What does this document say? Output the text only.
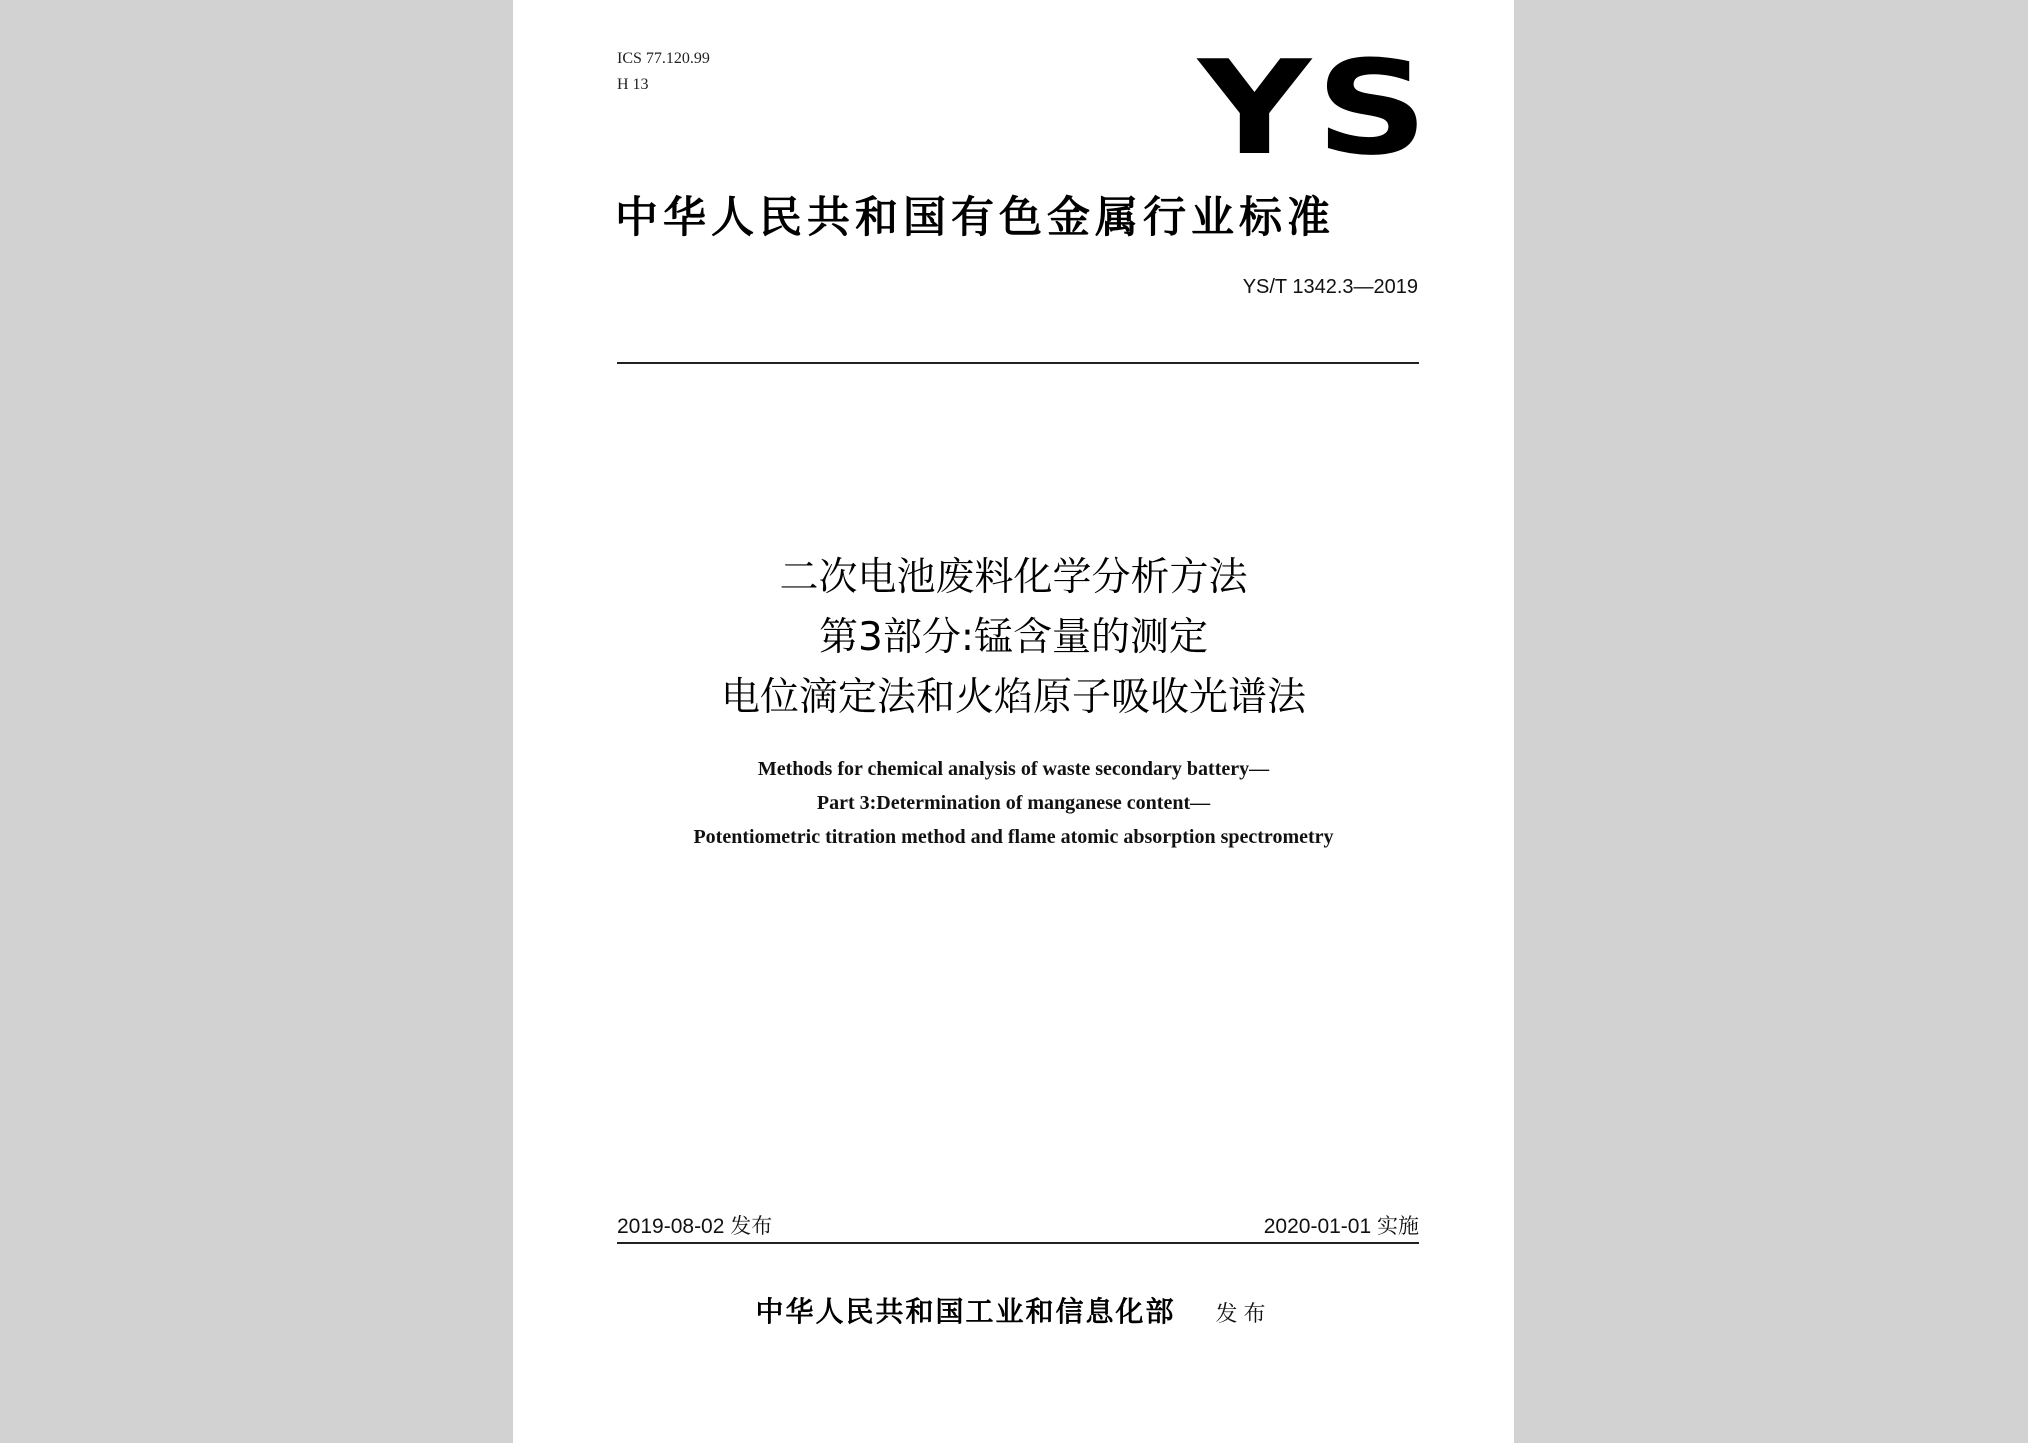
ICS 77.120.99
H 13	YS
中华人民共和国有色金属行业标准
YS/T 1342.3—2019
二次电池废料化学分析方法
第3部分:锰含量的测定
电位滴定法和火焰原子吸收光谱法
Methods for chemical analysis of waste secondary battery—
Part 3:Determination of manganese content—
Potentiometric titration method and flame atomic absorption spectrometry
2019-08-02 发布	2020-01-01 实施
中华人民共和国工业和信息化部 发布
